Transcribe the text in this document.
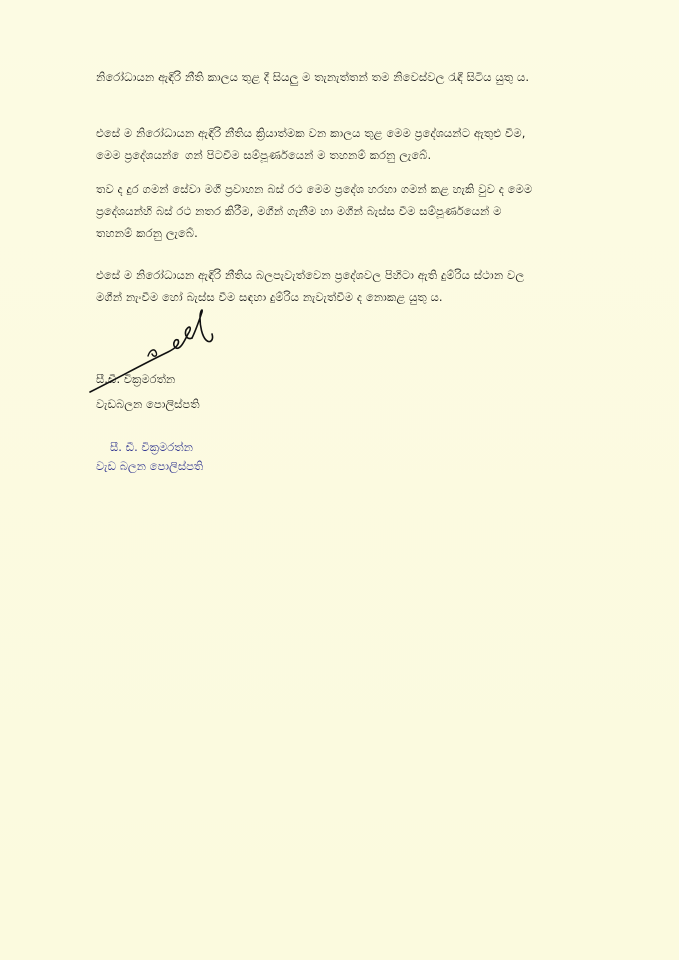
නිරෝධායන ඇඳිරි නීති කාලය තුළ දී සියලු ම තැනැත්තන් තම නිවෙස්වල රැඳී සිටිය යුතු ය.
එසේ ම නිරෝධායන ඇඳිරි නීතිය ක්‍රියාත්මක වන කාලය තුළ මෙම ප්‍රදේශයන්ට ඇතුළු වීම,
මෙම ප්‍රදේශයන් ‍ෙගන් පිටවීම සම්පූර්ණයෙන් ම තහනම් කරනු ලැබේ.
තව ද දුර ගමන් සේවා මගී ප්‍රවාහන බස් රථ මෙම ප්‍රදේශ හරහා ගමන් කළ හැකි වුව ද මෙම
ප්‍රදේශයන්හි බස් රථ නතර කිරීම, මගීන් ගැනීම හා මගීන් බැස්ස වීම සම්පූර්ණයෙන් ම
තහනම් කරනු ලැබේ.
එසේ ම නිරෝධායන ඇඳිරි නීතිය බලපැවැත්වෙන ප්‍රදේශවල පිහිටා ඇති දුම්රිය ස්ථාන වල
මගීන් නැංවීම හෝ බැස්ස වීම සඳහා දුම්රිය නැවැත්වීම ද නොකළ යුතු ය.
සී.ඩී. වික්‍රමරත්න
වැඩබලන පොලිස්පති
සී. ඩී. වික්‍රමරත්න
වැඩ බලන පොලිස්පති
